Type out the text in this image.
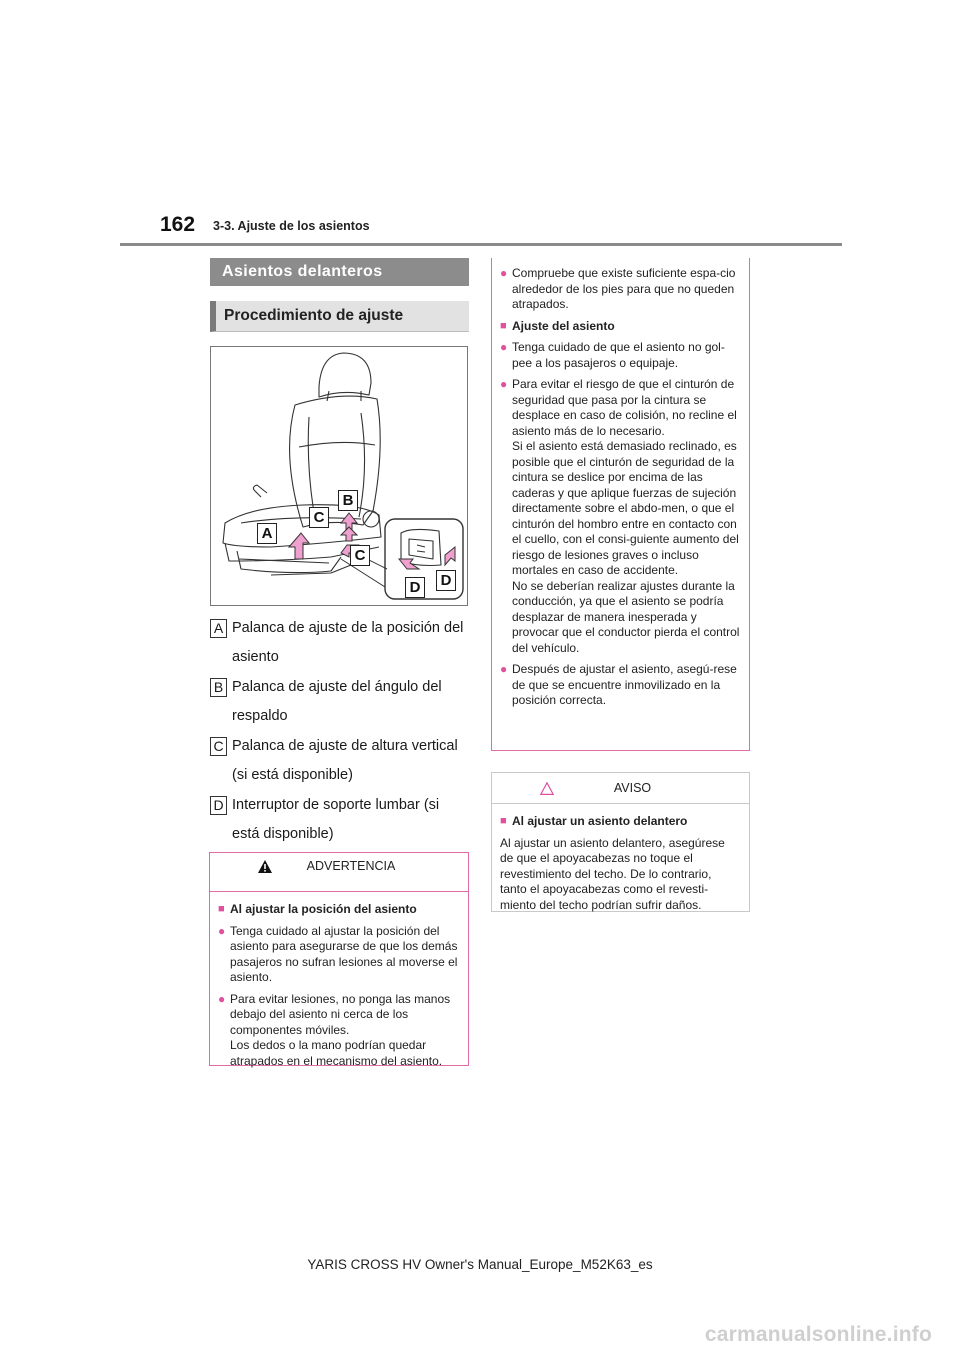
162 3-3. Ajuste de los asientos
Asientos delanteros
Procedimiento de ajuste
A
B
C
C
D	D
A Palanca de ajuste de la posición del
asiento
B Palanca de ajuste del ángulo del
respaldo
C Palanca de ajuste de altura vertical
(si está disponible)
D Interruptor de soporte lumbar (si
está disponible)
ADVERTENCIA
■ Al ajustar la posición del asiento
● Tenga cuidado al ajustar la posición del asiento para asegurarse de que los demás pasajeros no sufran lesiones al moverse el asiento.
● Para evitar lesiones, no ponga las manos debajo del asiento ni cerca de los componentes móviles.
Los dedos o la mano podrían quedar atrapados en el mecanismo del asiento.
● Compruebe que existe suficiente espa-cio alrededor de los pies para que no queden atrapados.
■ Ajuste del asiento
● Tenga cuidado de que el asiento no gol-pee a los pasajeros o equipaje.
● Para evitar el riesgo de que el cinturón de seguridad que pasa por la cintura se desplace en caso de colisión, no recline el asiento más de lo necesario.
Si el asiento está demasiado reclinado, es posible que el cinturón de seguridad de la cintura se deslice por encima de las caderas y que aplique fuerzas de sujeción directamente sobre el abdo-men, o que el cinturón del hombro entre en contacto con el cuello, con el consi-guiente aumento del riesgo de lesiones graves o incluso mortales en caso de accidente.
No se deberían realizar ajustes durante la conducción, ya que el asiento se podría desplazar de manera inesperada y provocar que el conductor pierda el control del vehículo.
● Después de ajustar el asiento, asegú-rese de que se encuentre inmovilizado en la posición correcta.
AVISO
■ Al ajustar un asiento delantero
Al ajustar un asiento delantero, asegúrese de que el apoyacabezas no toque el revestimiento del techo. De lo contrario, tanto el apoyacabezas como el revesti-miento del techo podrían sufrir daños.
YARIS CROSS HV Owner's Manual_Europe_M52K63_es
carmanualsonline.info
